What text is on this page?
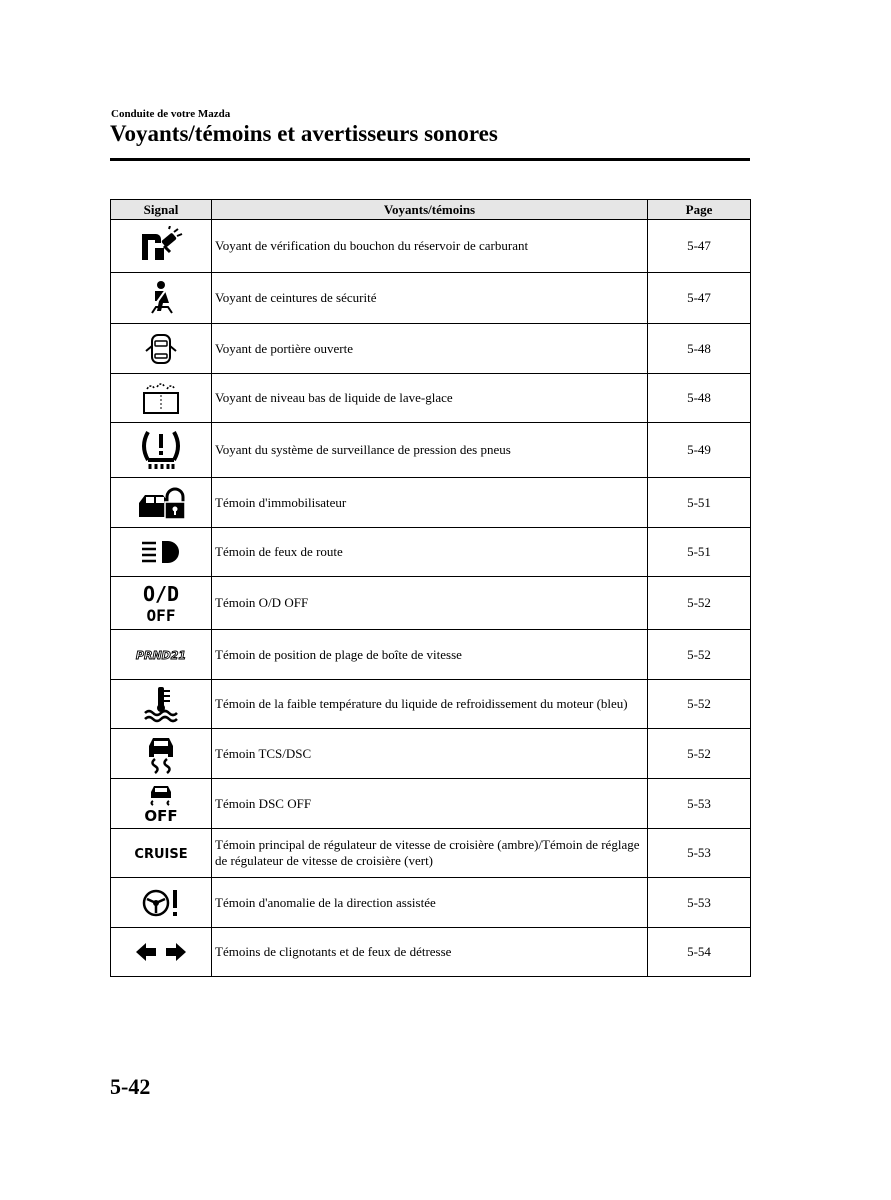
Conduite de votre Mazda
Voyants/témoins et avertisseurs sonores
Signal	Voyants/témoins	Page

	Voyant de vérification du bouchon du réservoir de carburant	5-47

	Voyant de ceintures de sécurité	5-47

	Voyant de portière ouverte	5-48

	Voyant de niveau bas de liquide de lave-glace	5-48

	Voyant du système de surveillance de pression des pneus	5-49

	Témoin d'immobilisateur	5-51

	Témoin de feux de route	5-51

O/D
OFF	Témoin O/D OFF	5-52

PRND21	Témoin de position de plage de boîte de vitesse	5-52

	Témoin de la faible température du liquide de refroidissement du moteur (bleu)	5-52

	Témoin TCS/DSC	5-52

OFF	Témoin DSC OFF	5-53

CRUISE	Témoin principal de régulateur de vitesse de croisière (ambre)/Témoin de réglage de régulateur de vitesse de croisière (vert)	5-53

	Témoin d'anomalie de la direction assistée	5-53

	Témoins de clignotants et de feux de détresse	5-54
5-42
